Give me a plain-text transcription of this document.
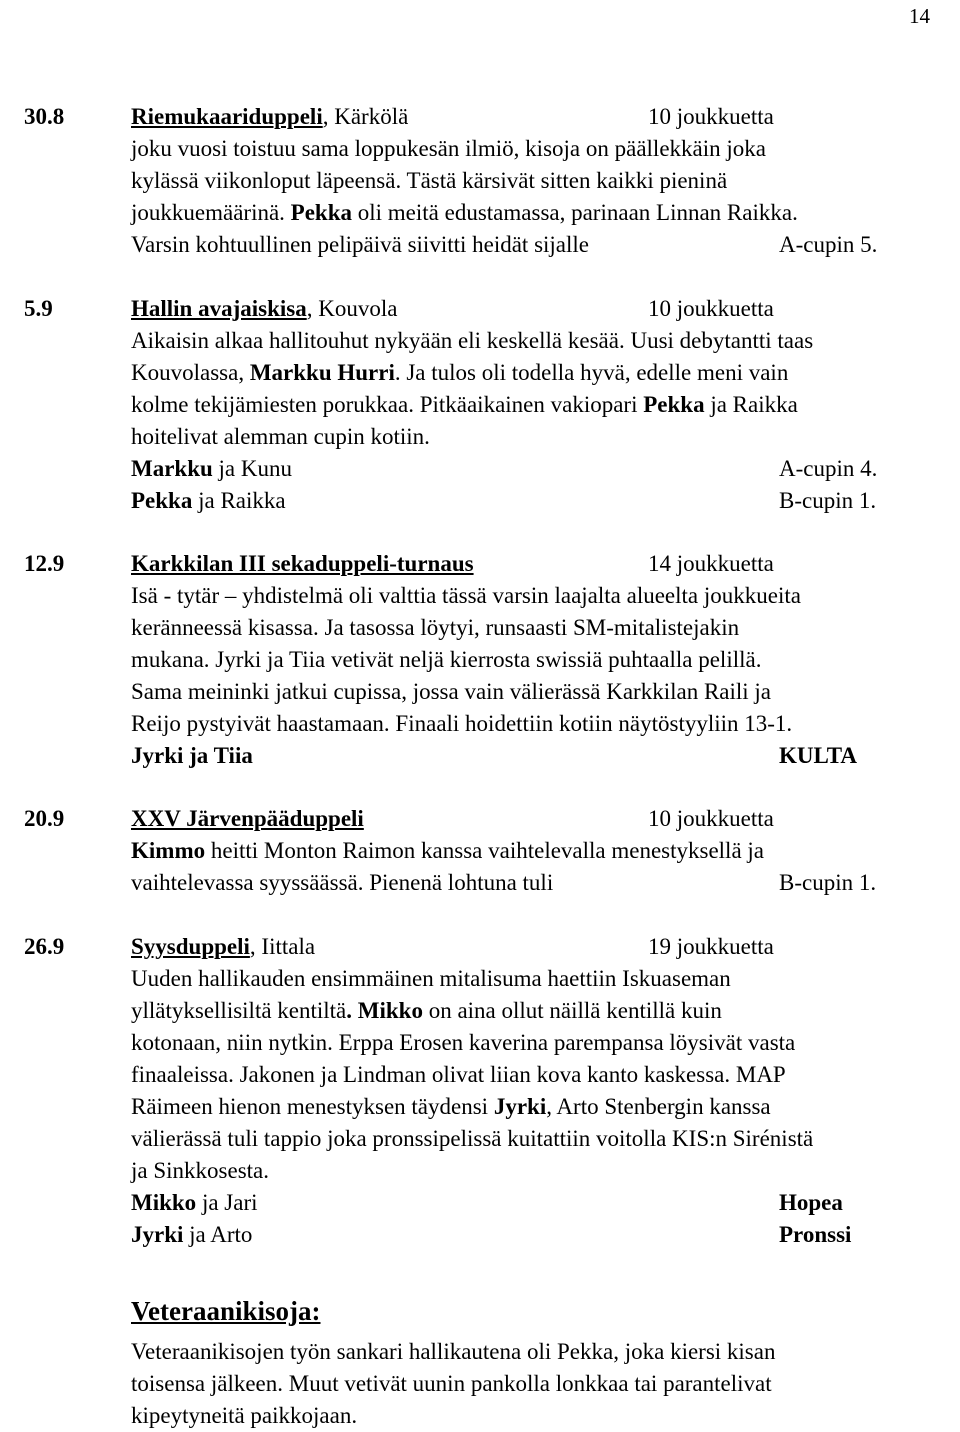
14
30.8	Riemukaariduppeli, Kärkölä	10 joukkuetta
joku vuosi toistuu sama loppukesän ilmiö, kisoja on päällekkäin joka
kylässä viikonloput läpeensä. Tästä kärsivät sitten kaikki pieninä
joukkuemäärinä. Pekka oli meitä edustamassa, parinaan Linnan Raikka.
Varsin kohtuullinen pelipäivä siivitti heidät sijalle	A-cupin 5.
5.9	Hallin avajaiskisa, Kouvola	10 joukkuetta
Aikaisin alkaa hallitouhut nykyään eli keskellä kesää. Uusi debytantti taas
Kouvolassa, Markku Hurri. Ja tulos oli todella hyvä, edelle meni vain
kolme tekijämiesten porukkaa. Pitkäaikainen vakiopari Pekka ja Raikka
hoitelivat alemman cupin kotiin.
Markku ja Kunu	A-cupin 4.
Pekka ja Raikka	B-cupin 1.
12.9	Karkkilan III sekaduppeli-turnaus	14 joukkuetta
Isä - tytär – yhdistelmä oli valttia tässä varsin laajalta alueelta joukkueita
keränneessä kisassa. Ja tasossa löytyi, runsaasti SM-mitalistejakin
mukana. Jyrki ja Tiia vetivät neljä kierrosta swissiä puhtaalla pelillä.
Sama meininki jatkui cupissa, jossa vain välierässä Karkkilan Raili ja
Reijo pystyivät haastamaan. Finaali hoidettiin kotiin näytöstyyliin 13-1.
Jyrki ja Tiia	KULTA
20.9	XXV Järvenpääduppeli	10 joukkuetta
Kimmo heitti Monton Raimon kanssa vaihtelevalla menestyksellä ja
vaihtelevassa syyssäässä. Pienenä lohtuna tuli	B-cupin 1.
26.9	Syysduppeli, Iittala	19 joukkuetta
Uuden hallikauden ensimmäinen mitalisuma haettiin Iskuaseman
yllätyksellisiltä kentiltä. Mikko on aina ollut näillä kentillä kuin
kotonaan, niin nytkin. Erppa Erosen kaverina parempansa löysivät vasta
finaaleissa. Jakonen ja Lindman olivat liian kova kanto kaskessa. MAP
Räimeen hienon menestyksen täydensi Jyrki, Arto Stenbergin kanssa
välierässä tuli tappio joka pronssipelissä kuitattiin voitolla KIS:n Sirénistä
ja Sinkkosesta.
Mikko ja Jari	Hopea
Jyrki ja Arto	Pronssi
Veteraanikisoja:
Veteraanikisojen työn sankari hallikautena oli Pekka, joka kiersi kisan
toisensa jälkeen. Muut vetivät uunin pankolla lonkkaa tai parantelivat
kipeytyneitä paikkojaan.
